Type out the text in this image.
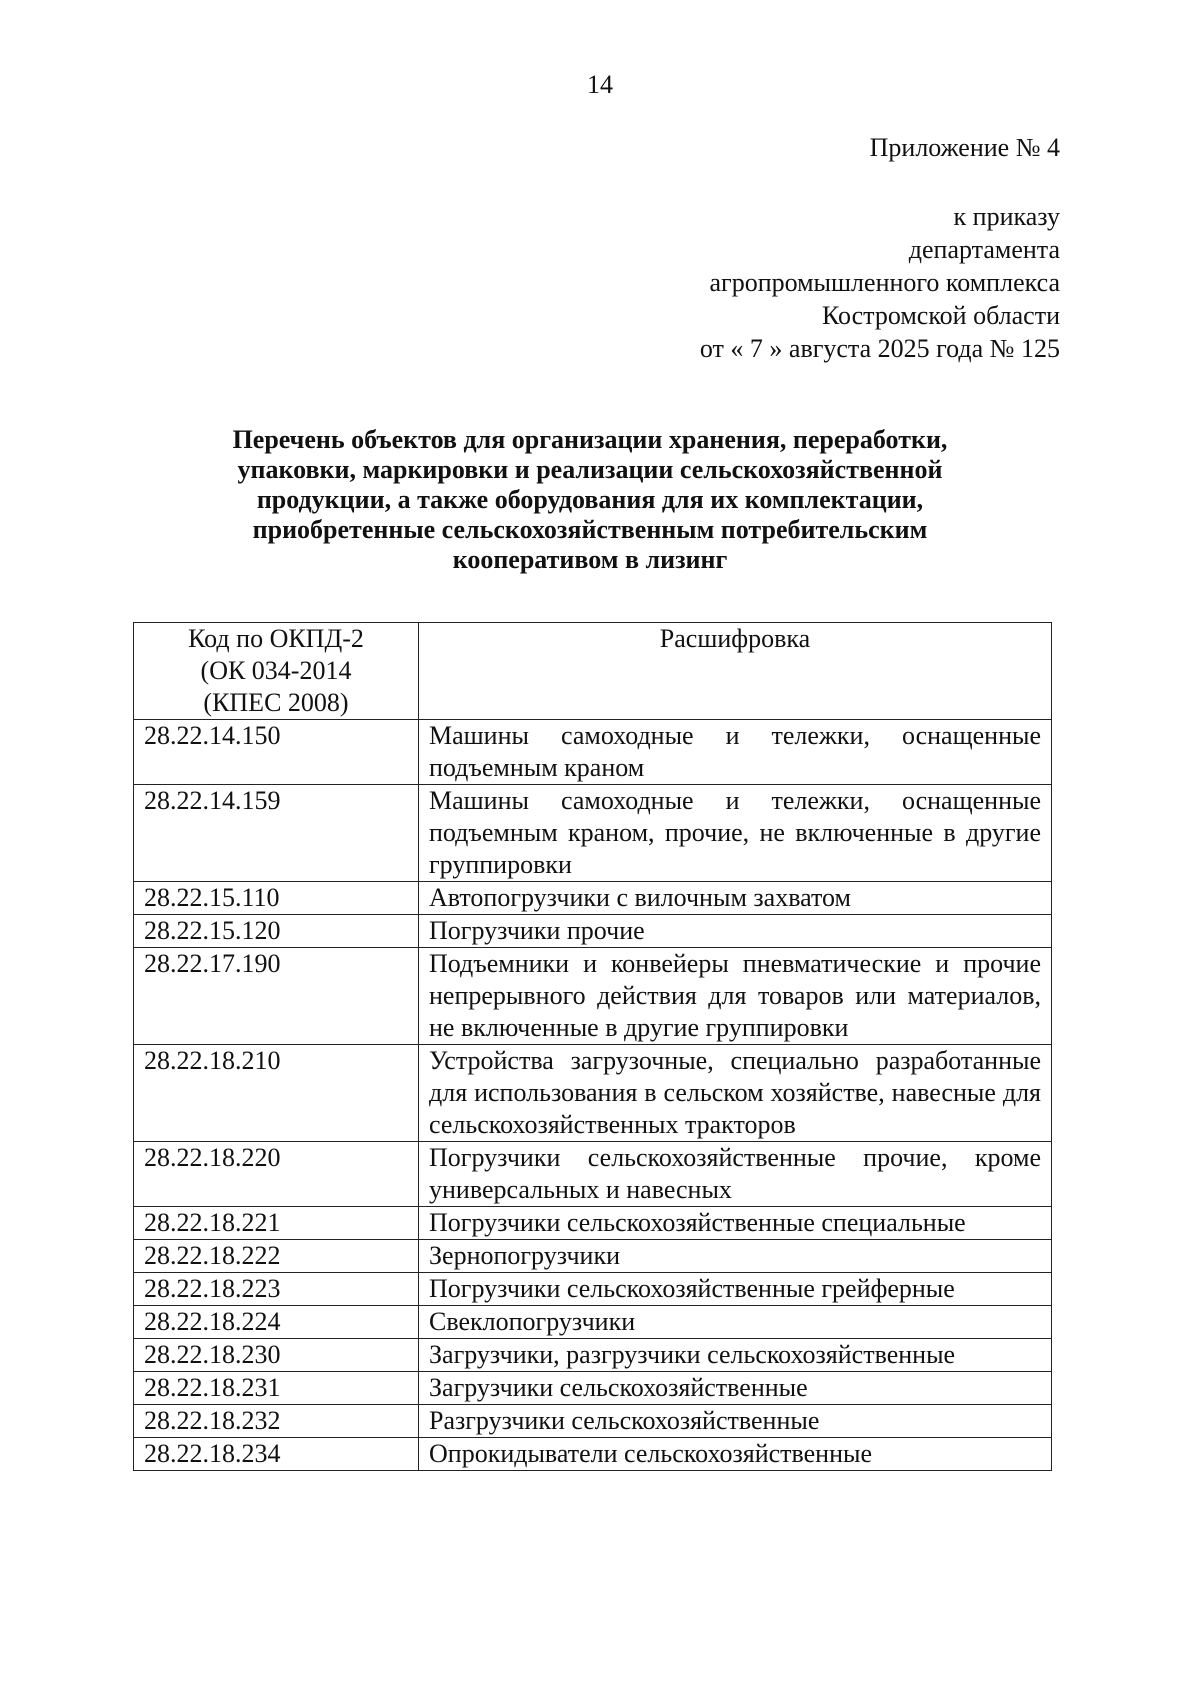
14
Приложение № 4
к приказу
департамента
агропромышленного комплекса
Костромской области
от « 7 » августа 2025 года № 125
Перечень объектов для организации хранения, переработки,
упаковки, маркировки и реализации сельскохозяйственной
продукции, а также оборудования для их комплектации,
приобретенные сельскохозяйственным потребительским
кооперативом в лизинг
Код по ОКПД-2
(ОК 034-2014
(КПЕС 2008)	Расшифровка
28.22.14.150	Машины самоходные и тележки, оснащенные подъемным краном
28.22.14.159	Машины самоходные и тележки, оснащенные подъемным краном, прочие, не включенные в другие группировки
28.22.15.110	Автопогрузчики с вилочным захватом
28.22.15.120	Погрузчики прочие
28.22.17.190	Подъемники и конвейеры пневматические и прочие непрерывного действия для товаров или материалов, не включенные в другие группировки
28.22.18.210	Устройства загрузочные, специально разработанные для использования в сельском хозяйстве, навесные для сельскохозяйственных тракторов
28.22.18.220	Погрузчики сельскохозяйственные прочие, кроме универсальных и навесных
28.22.18.221	Погрузчики сельскохозяйственные специальные
28.22.18.222	Зернопогрузчики
28.22.18.223	Погрузчики сельскохозяйственные грейферные
28.22.18.224	Свеклопогрузчики
28.22.18.230	Загрузчики, разгрузчики сельскохозяйственные
28.22.18.231	Загрузчики сельскохозяйственные
28.22.18.232	Разгрузчики сельскохозяйственные
28.22.18.234	Опрокидыватели сельскохозяйственные
